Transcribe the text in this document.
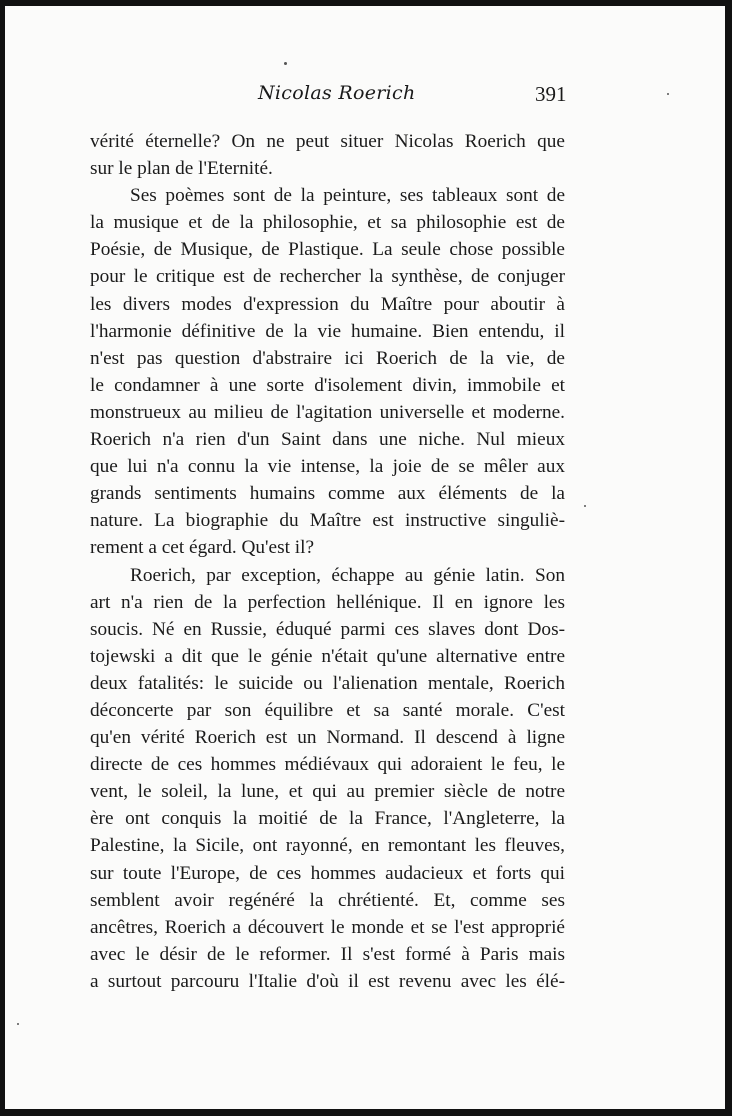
Nicolas Roerich	391
vérité éternelle? On ne peut situer Nicolas Roerich que
sur le plan de l'Eternité.
Ses poèmes sont de la peinture, ses tableaux sont de
la musique et de la philosophie, et sa philosophie est de
Poésie, de Musique, de Plastique. La seule chose possible
pour le critique est de rechercher la synthèse, de conjuger
les divers modes d'expression du Maître pour aboutir à
l'harmonie définitive de la vie humaine. Bien entendu, il
n'est pas question d'abstraire ici Roerich de la vie, de
le condamner à une sorte d'isolement divin, immobile et
monstrueux au milieu de l'agitation universelle et moderne.
Roerich n'a rien d'un Saint dans une niche. Nul mieux
que lui n'a connu la vie intense, la joie de se mêler aux
grands sentiments humains comme aux éléments de la
nature. La biographie du Maître est instructive singuliè-
rement a cet égard. Qu'est il?
Roerich, par exception, échappe au génie latin. Son
art n'a rien de la perfection hellénique. Il en ignore les
soucis. Né en Russie, éduqué parmi ces slaves dont Dos-
tojewski a dit que le génie n'était qu'une alternative entre
deux fatalités: le suicide ou l'alienation mentale, Roerich
déconcerte par son équilibre et sa santé morale. C'est
qu'en vérité Roerich est un Normand. Il descend à ligne
directe de ces hommes médiévaux qui adoraient le feu, le
vent, le soleil, la lune, et qui au premier siècle de notre
ère ont conquis la moitié de la France, l'Angleterre, la
Palestine, la Sicile, ont rayonné, en remontant les fleuves,
sur toute l'Europe, de ces hommes audacieux et forts qui
semblent avoir regénéré la chrétienté. Et, comme ses
ancêtres, Roerich a découvert le monde et se l'est approprié
avec le désir de le reformer. Il s'est formé à Paris mais
a surtout parcouru l'Italie d'où il est revenu avec les élé-
